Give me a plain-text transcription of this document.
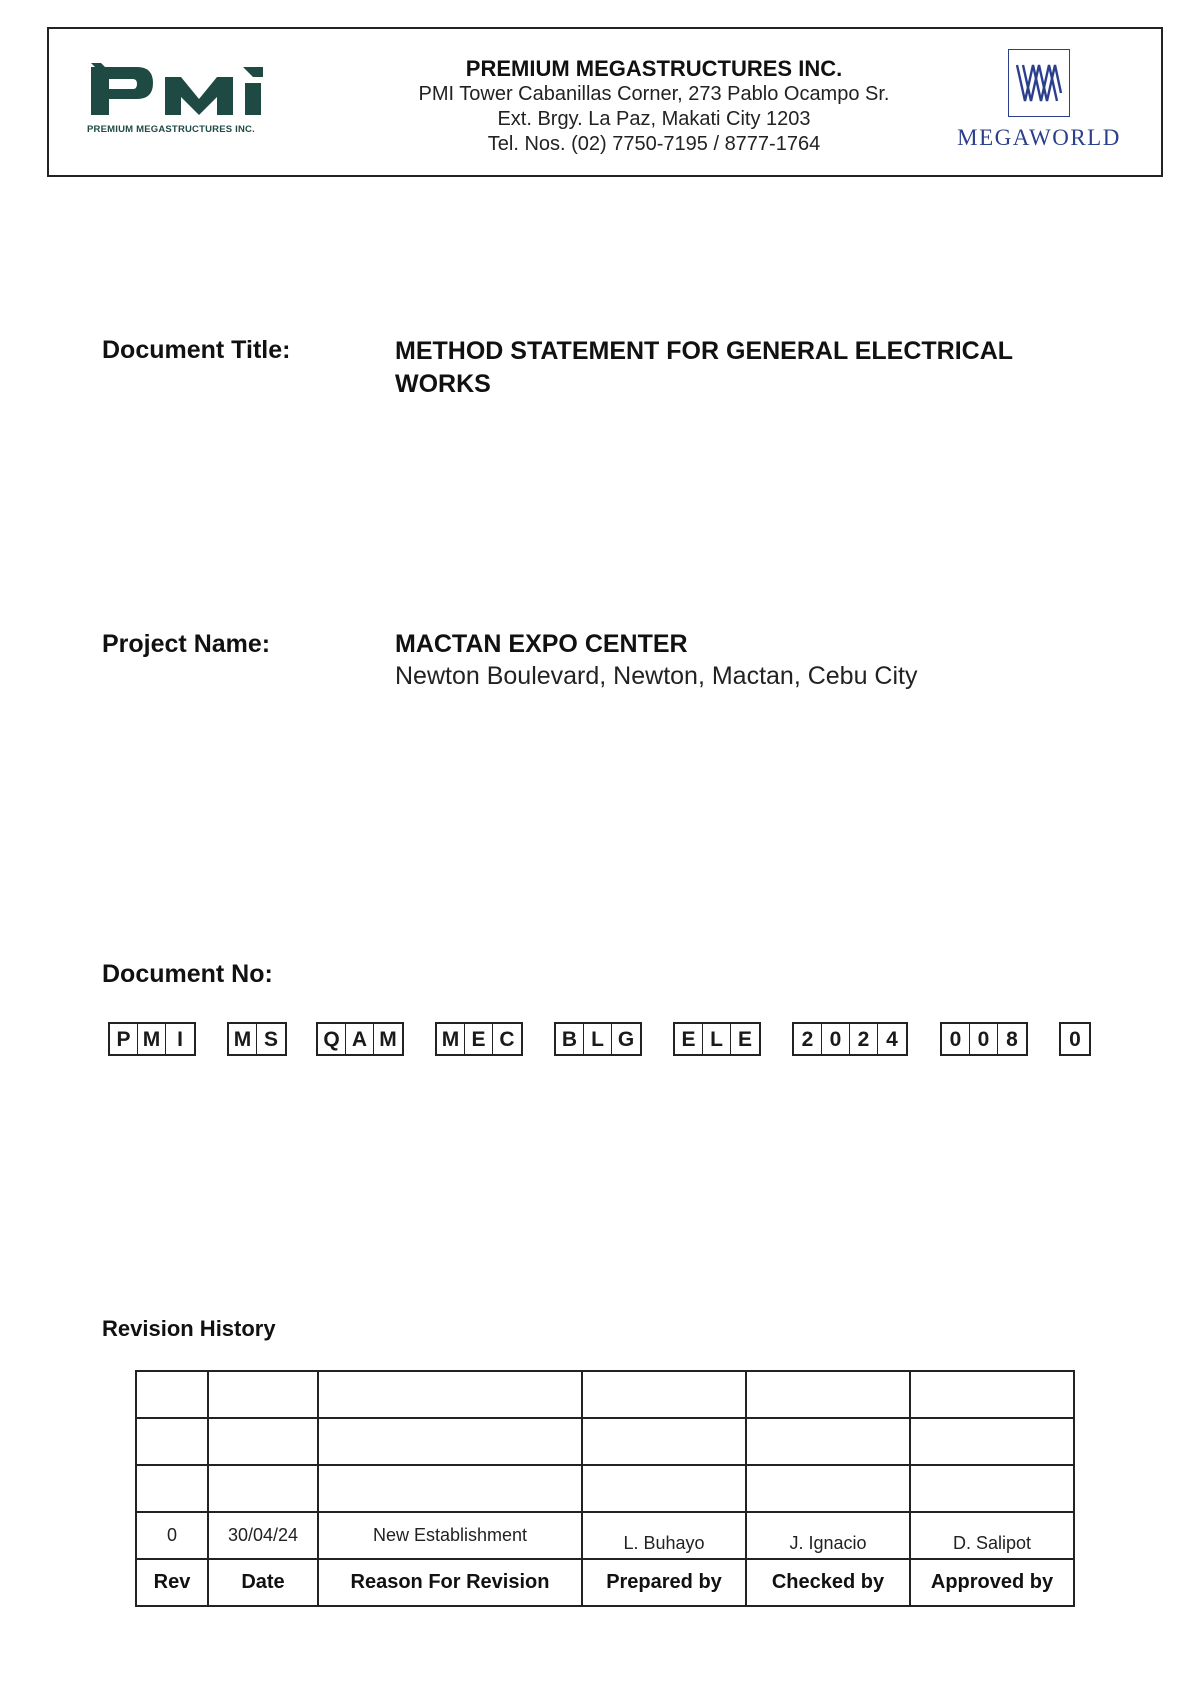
PREMIUM MEGASTRUCTURES INC.
PREMIUM MEGASTRUCTURES INC.
PMI Tower Cabanillas Corner, 273 Pablo Ocampo Sr.
Ext. Brgy. La Paz, Makati City 1203
Tel. Nos. (02) 7750-7195 / 8777-1764	MEGAWORLD
Document Title:	METHOD STATEMENT FOR GENERAL ELECTRICAL
WORKS
Project Name:	MACTAN EXPO CENTER
Newton Boulevard, Newton, Mactan, Cebu City
Document No:
P M I	M S	Q A M M E C	B L G	E L E	2 0 2 4	0 0 8	0
Revision History

0	30/04/24	New Establishment	L. Buhayo	J. Ignacio	D. Salipot
Rev	Date	Reason For Revision	Prepared by	Checked by	Approved by
